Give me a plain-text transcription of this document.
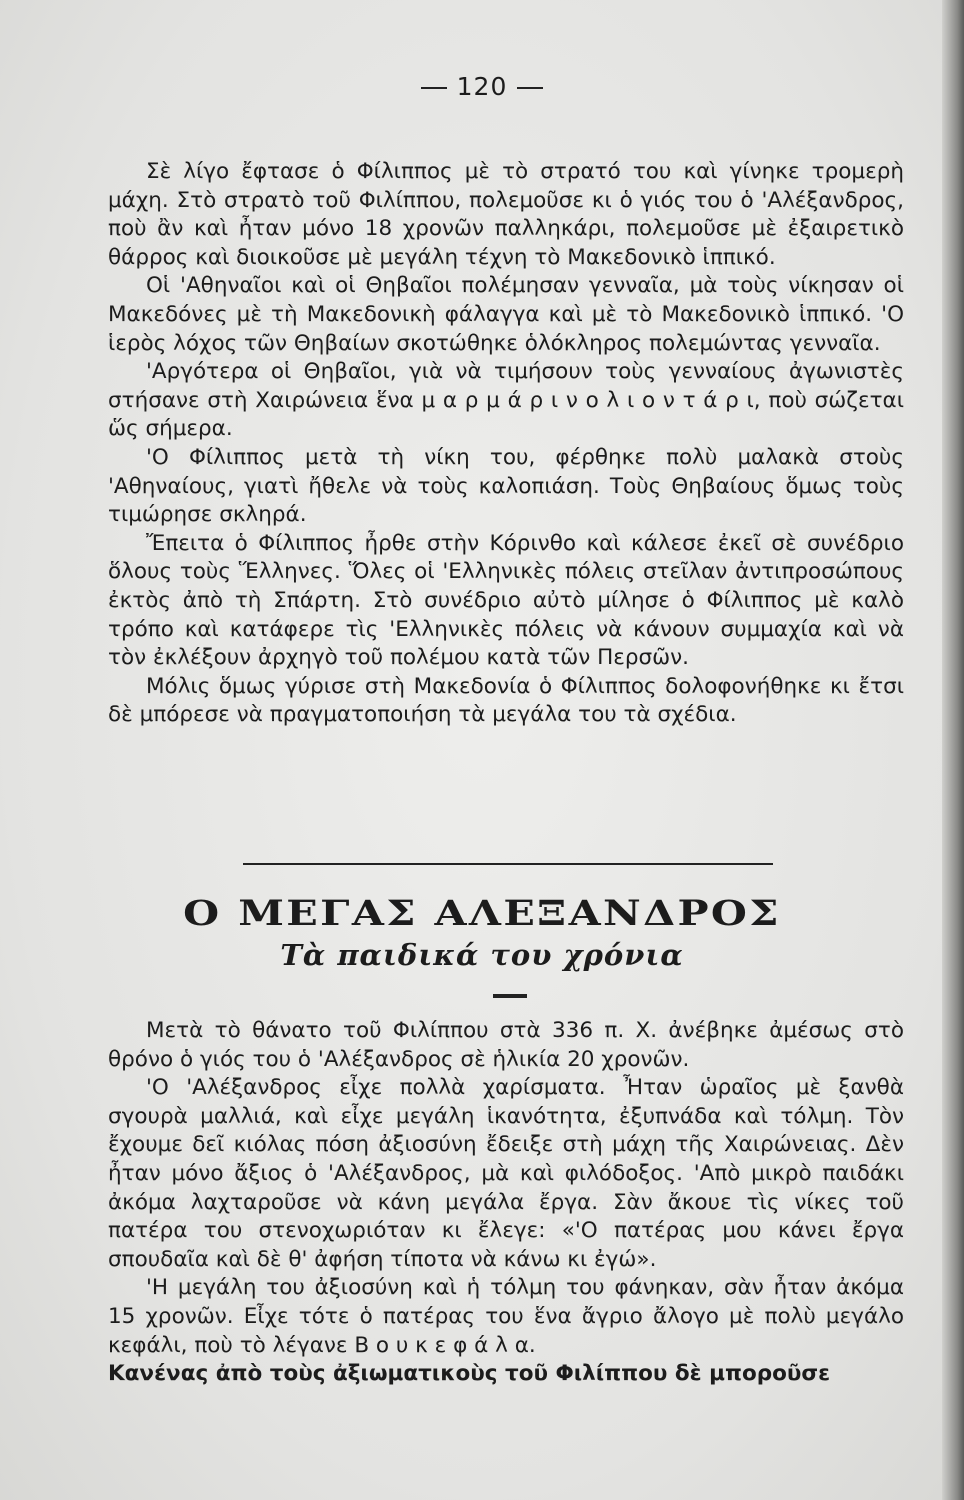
120

Σὲ λίγο ἔφτασε ὁ Φίλιππος μὲ τὸ στρατό του καὶ γίνηκε τρομερὴ μάχη. Στὸ στρατὸ τοῦ Φιλίππου, πολεμοῦσε κι ὁ γιός του ὁ 'Αλέξανδρος, ποὺ ἂν καὶ ἦταν μόνο 18 χρονῶν παλληκάρι, πολεμοῦσε μὲ ἐξαιρετικὸ θάρρος καὶ διοικοῦσε μὲ μεγάλη τέχνη τὸ Μακεδονικὸ ἱππικό.

Οἱ 'Αθηναῖοι καὶ οἱ Θηβαῖοι πολέμησαν γενναῖα, μὰ τοὺς νίκησαν οἱ Μακεδόνες μὲ τὴ Μακεδονικὴ φάλαγγα καὶ μὲ τὸ Μακεδονικὸ ἱππικό. 'Ο ἱερὸς λόχος τῶν Θηβαίων σκοτώθηκε ὁλόκληρος πολεμώντας γενναῖα.

'Αργότερα οἱ Θηβαῖοι, γιὰ νὰ τιμήσουν τοὺς γενναίους ἀγωνιστὲς στήσανε στὴ Χαιρώνεια ἕνα μ α ρ μ ά ρ ι ν ο λ ι ο ν τ ά ρ ι, ποὺ σώζεται ὥς σήμερα.

'Ο Φίλιππος μετὰ τὴ νίκη του, φέρθηκε πολὺ μαλακὰ στοὺς 'Αθηναίους, γιατὶ ἤθελε νὰ τοὺς καλοπιάση. Τοὺς Θηβαίους ὅμως τοὺς τιμώρησε σκληρά.

Ἔπειτα ὁ Φίλιππος ἦρθε στὴν Κόρινθο καὶ κάλεσε ἐκεῖ σὲ συνέδριο ὅλους τοὺς Ἕλληνες. Ὅλες οἱ 'Ελληνικὲς πόλεις στεῖλαν ἀντιπροσώπους ἐκτὸς ἀπὸ τὴ Σπάρτη. Στὸ συνέδριο αὐτὸ μίλησε ὁ Φίλιππος μὲ καλὸ τρόπο καὶ κατάφερε τὶς 'Ελληνικὲς πόλεις νὰ κάνουν συμμαχία καὶ νὰ τὸν ἐκλέξουν ἀρχηγὸ τοῦ πολέμου κατὰ τῶν Περσῶν.

Μόλις ὅμως γύρισε στὴ Μακεδονία ὁ Φίλιππος δολοφονήθηκε κι ἔτσι δὲ μπόρεσε νὰ πραγματοποιήση τὰ μεγάλα του τὰ σχέδια.

Ο ΜΕΓΑΣ ΑΛΕΞΑΝΔΡΟΣ
Τὰ παιδικά του χρόνια

Μετὰ τὸ θάνατο τοῦ Φιλίππου στὰ 336 π. Χ. ἀνέβηκε ἀμέσως στὸ θρόνο ὁ γιός του ὁ 'Αλέξανδρος σὲ ἡλικία 20 χρονῶν.

'Ο 'Αλέξανδρος εἶχε πολλὰ χαρίσματα. Ἦταν ὡραῖος μὲ ξανθὰ σγουρὰ μαλλιά, καὶ εἶχε μεγάλη ἱκανότητα, ἐξυπνάδα καὶ τόλμη. Τὸν ἔχουμε δεῖ κιόλας πόση ἀξιοσύνη ἔδειξε στὴ μάχη τῆς Χαιρώνειας. Δὲν ἦταν μόνο ἄξιος ὁ 'Αλέξανδρος, μὰ καὶ φιλόδοξος. 'Απὸ μικρὸ παιδάκι ἀκόμα λαχταροῦσε νὰ κάνη μεγάλα ἔργα. Σὰν ἄκουε τὶς νίκες τοῦ πατέρα του στενοχωριόταν κι ἔλεγε: «'Ο πατέρας μου κάνει ἔργα σπουδαῖα καὶ δὲ θ' ἀφήση τίποτα νὰ κάνω κι ἐγώ».

'Η μεγάλη του ἀξιοσύνη καὶ ἡ τόλμη του φάνηκαν, σὰν ἦταν ἀκόμα 15 χρονῶν. Εἶχε τότε ὁ πατέρας του ἕνα ἄγριο ἄλογο μὲ πολὺ μεγάλο κεφάλι, ποὺ τὸ λέγανε Β ο υ κ ε φ ά λ α.

Κανένας ἀπὸ τοὺς ἀξιωματικοὺς τοῦ Φιλίππου δὲ μποροῦσε
